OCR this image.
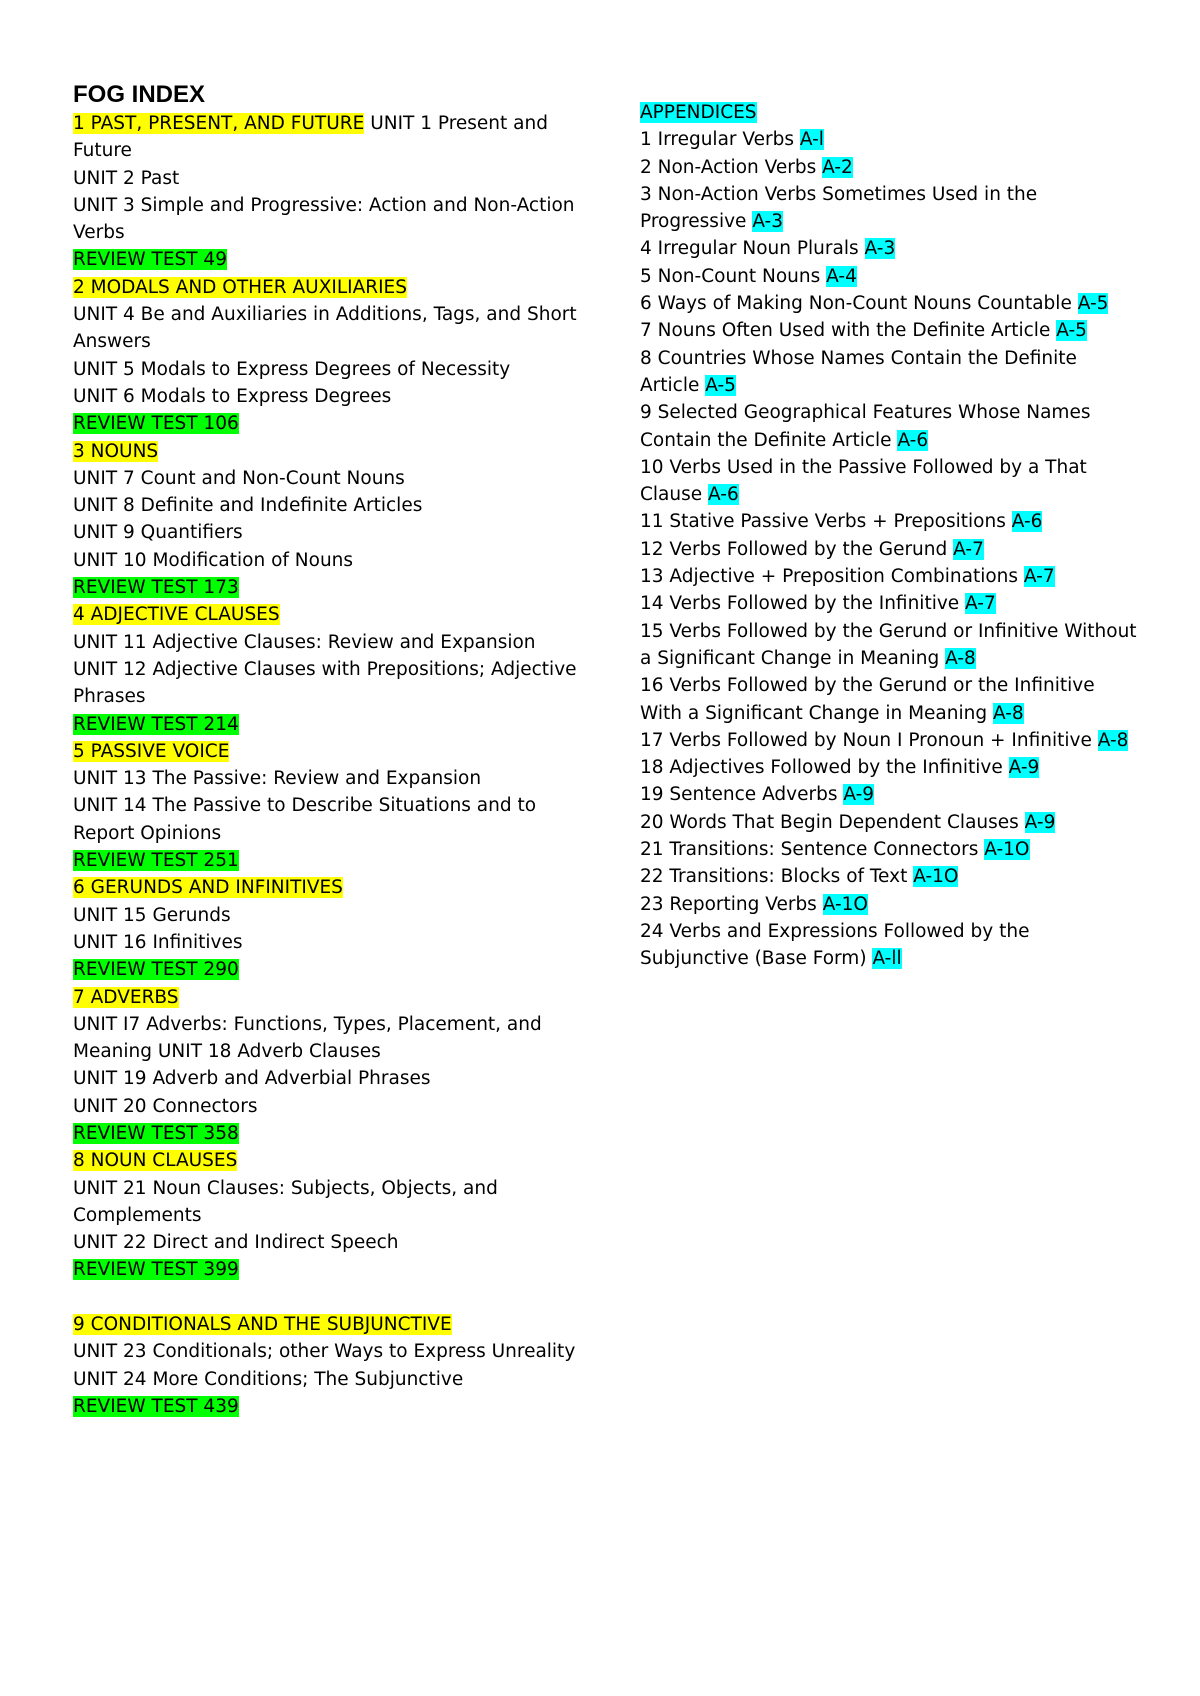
FOG INDEX
1 PAST, PRESENT, AND FUTURE UNIT 1 Present and Future
UNIT 2 Past
UNIT 3 Simple and Progressive: Action and Non-Action Verbs
REVIEW TEST 49
2 MODALS AND OTHER AUXILIARIES
UNIT 4 Be and Auxiliaries in Additions, Tags, and Short Answers
UNIT 5 Modals to Express Degrees of Necessity
UNIT 6 Modals to Express Degrees
REVIEW TEST 106
3 NOUNS
UNIT 7 Count and Non-Count Nouns
UNIT 8 Definite and Indefinite Articles
UNIT 9 Quantifiers
UNIT 10 Modification of Nouns
REVIEW TEST 173
4 ADJECTIVE CLAUSES
UNIT 11 Adjective Clauses: Review and Expansion
UNIT 12 Adjective Clauses with Prepositions; Adjective Phrases
REVIEW TEST 214
5 PASSIVE VOICE
UNIT 13 The Passive: Review and Expansion
UNIT 14 The Passive to Describe Situations and to Report Opinions
REVIEW TEST 251
6 GERUNDS AND INFINITIVES
UNIT 15 Gerunds
UNIT 16 Infinitives
REVIEW TEST 290
7 ADVERBS
UNIT I7 Adverbs: Functions, Types, Placement, and Meaning UNIT 18 Adverb Clauses
UNIT 19 Adverb and Adverbial Phrases
UNIT 20 Connectors
REVIEW TEST 358
8 NOUN CLAUSES
UNIT 21 Noun Clauses: Subjects, Objects, and Complements
UNIT 22 Direct and Indirect Speech
REVIEW TEST 399
9 CONDITIONALS AND THE SUBJUNCTIVE
UNIT 23 Conditionals; other Ways to Express Unreality
UNIT 24 More Conditions; The Subjunctive
REVIEW TEST 439
APPENDICES
1 Irregular Verbs A-l
2 Non-Action Verbs A-2
3 Non-Action Verbs Sometimes Used in the Progressive A-3
4 Irregular Noun Plurals A-3
5 Non-Count Nouns A-4
6 Ways of Making Non-Count Nouns Countable A-5
7 Nouns Often Used with the Definite Article A-5
8 Countries Whose Names Contain the Definite Article A-5
9 Selected Geographical Features Whose Names Contain the Definite Article A-6
10 Verbs Used in the Passive Followed by a That Clause A-6
11 Stative Passive Verbs + Prepositions A-6
12 Verbs Followed by the Gerund A-7
13 Adjective + Preposition Combinations A-7
14 Verbs Followed by the Infinitive A-7
15 Verbs Followed by the Gerund or Infinitive Without a Significant Change in Meaning A-8
16 Verbs Followed by the Gerund or the Infinitive With a Significant Change in Meaning A-8
17 Verbs Followed by Noun I Pronoun + Infinitive A-8
18 Adjectives Followed by the Infinitive A-9
19 Sentence Adverbs A-9
20 Words That Begin Dependent Clauses A-9
21 Transitions: Sentence Connectors A-1O
22 Transitions: Blocks of Text A-1O
23 Reporting Verbs A-1O
24 Verbs and Expressions Followed by the Subjunctive (Base Form) A-ll
